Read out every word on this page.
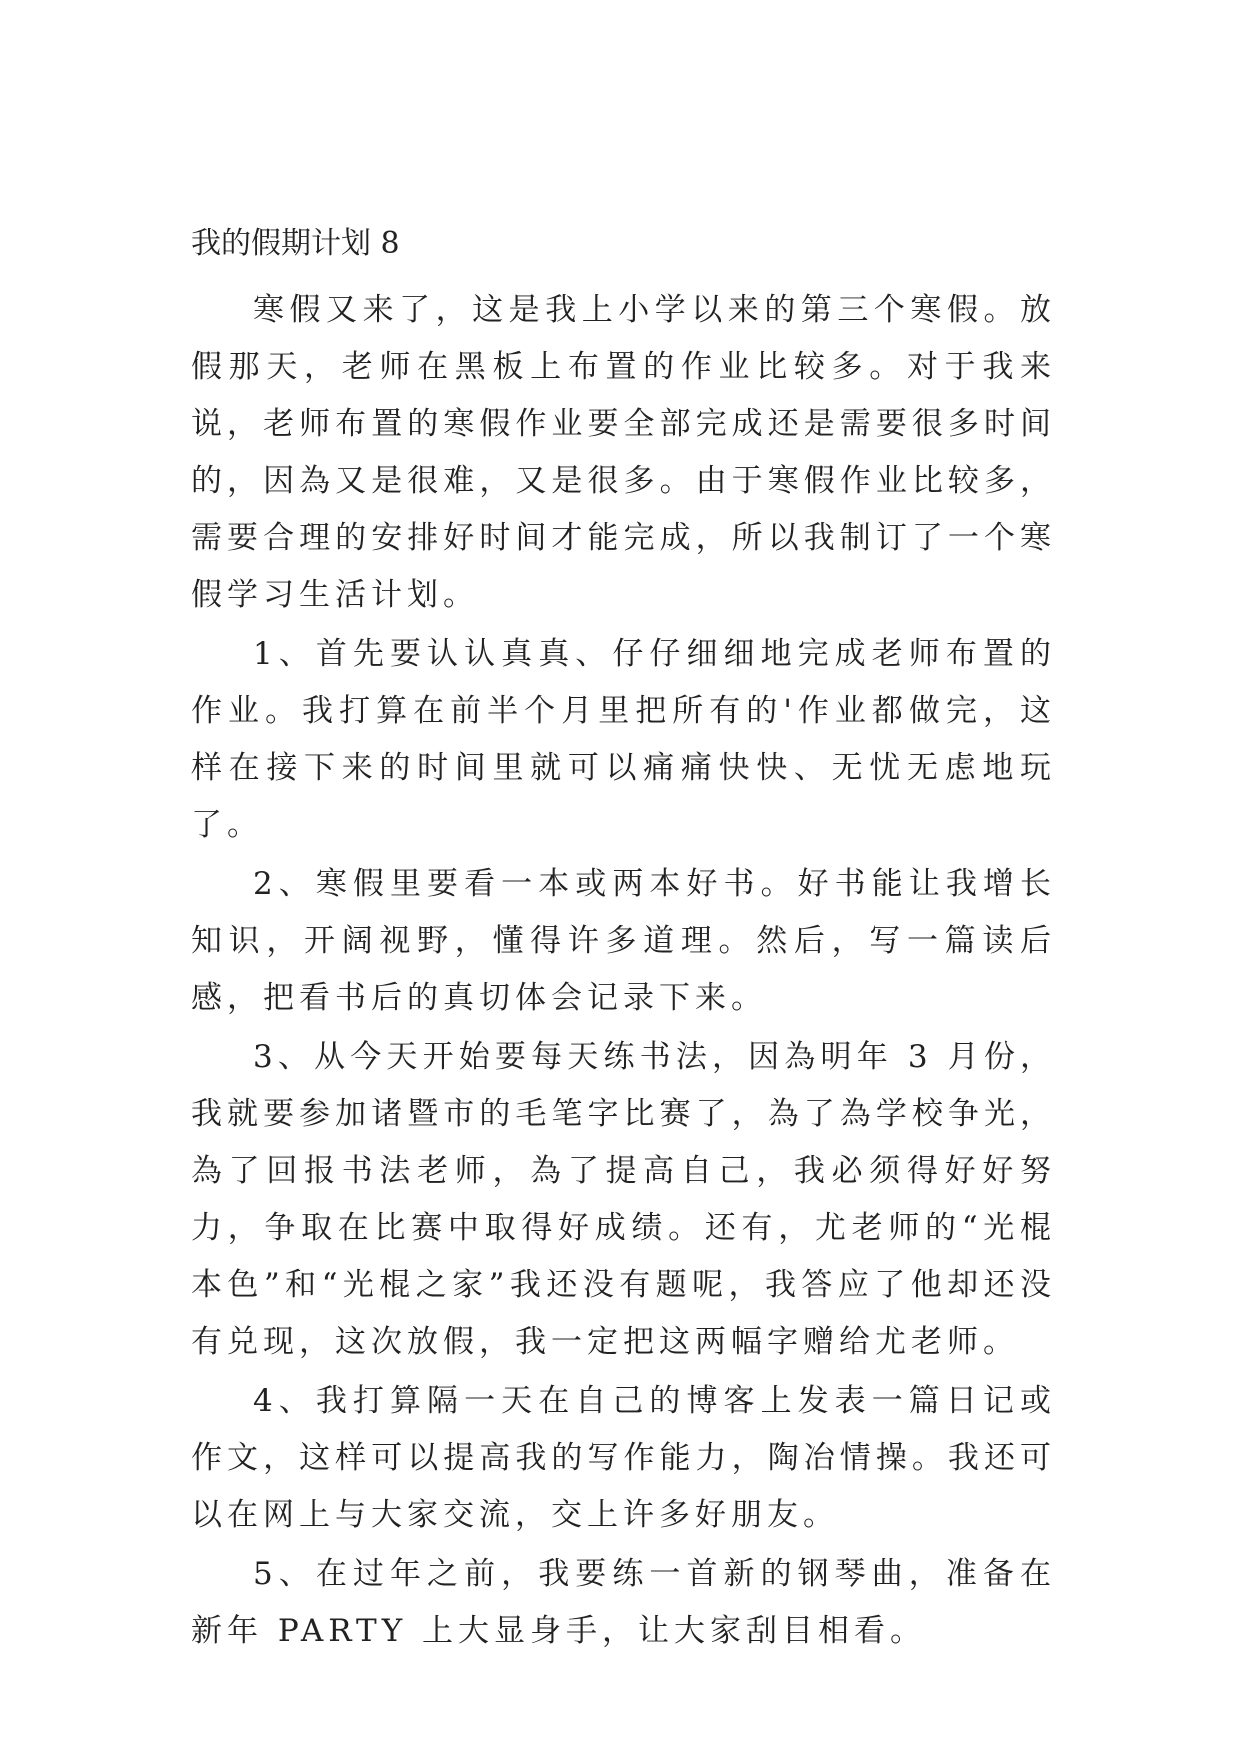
我的假期计划 8

寒假又来了，这是我上小学以来的第三个寒假。放假那天，老师在黑板上布置的作业比较多。对于我来说，老师布置的寒假作业要全部完成还是需要很多时间的，因為又是很难，又是很多。由于寒假作业比较多，需要合理的安排好时间才能完成，所以我制订了一个寒假学习生活计划。

1、首先要认认真真、仔仔细细地完成老师布置的作业。我打算在前半个月里把所有的'作业都做完，这样在接下来的时间里就可以痛痛快快、无忧无虑地玩了。

2、寒假里要看一本或两本好书。好书能让我增长知识，开阔视野，懂得许多道理。然后，写一篇读后感，把看书后的真切体会记录下来。

3、从今天开始要每天练书法，因為明年 3 月份，我就要参加诸暨市的毛笔字比赛了，為了為学校争光，為了回报书法老师，為了提高自己，我必须得好好努力，争取在比赛中取得好成绩。还有，尤老师的“光棍本色”和“光棍之家”我还没有题呢，我答应了他却还没有兑现，这次放假，我一定把这两幅字赠给尤老师。

4、我打算隔一天在自己的博客上发表一篇日记或作文，这样可以提高我的写作能力，陶冶情操。我还可以在网上与大家交流，交上许多好朋友。

5、在过年之前，我要练一首新的钢琴曲，准备在新年 PARTY 上大显身手，让大家刮目相看。
